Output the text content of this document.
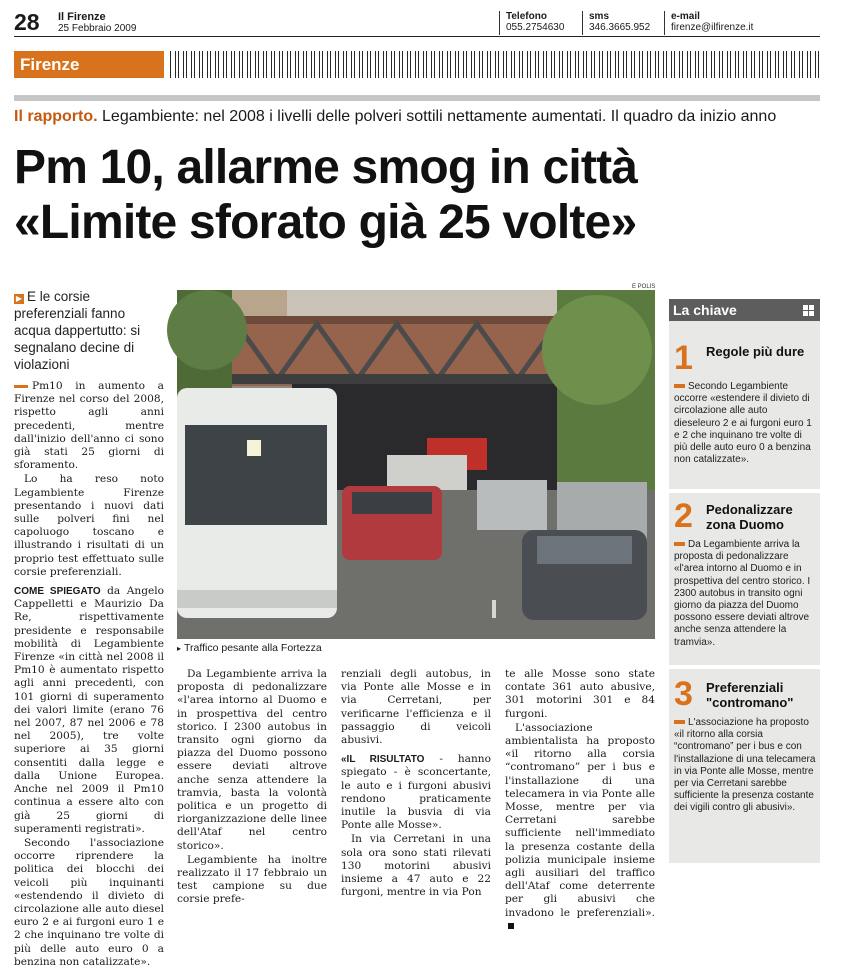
28 Il Firenze
25 Febbraio 2009
Telefono
055.2754630
sms
346.3665.952
e-mail
firenze@ilfirenze.it
Firenze
Il rapporto. Legambiente: nel 2008 i livelli delle polveri sottili nettamente aumentati. Il quadro da inizio anno
Pm 10, allarme smog in città
«Limite sforato già 25 volte»
▶ E le corsie preferenziali fanno acqua dappertutto: si segnalano decine di violazioni

Pm10 in aumento a Firenze nel corso del 2008, rispetto agli anni precedenti, mentre dall'inizio dell'anno ci sono già stati 25 giorni di sforamento.

Lo ha reso noto Legambiente Firenze presentando i nuovi dati sulle polveri fini nel capoluogo toscano e illustrando i risultati di un proprio test effettuato sulle corsie preferenziali.

COME SPIEGATO da Angelo Cappelletti e Maurizio Da Re, rispettivamente presidente e responsabile mobilità di Legambiente Firenze «in città nel 2008 il Pm10 è aumentato rispetto agli anni precedenti, con 101 giorni di superamento dei valori limite (erano 76 nel 2007, 87 nel 2006 e 78 nel 2005), tre volte superiore ai 35 giorni consentiti dalla legge e dalla Unione Europea. Anche nel 2009 il Pm10 continua a essere alto con già 25 giorni di superamenti registrati».

Secondo l'associazione occorre riprendere la politica dei blocchi dei veicoli più inquinanti «estendendo il divieto di circolazione alle auto diesel euro 2 e ai furgoni euro 1 e 2 che inquinano tre volte di più delle auto euro 0 a benzina non catalizzate».

E POLIS
▸ Traffico pesante alla Fortezza

Da Legambiente arriva la proposta di pedonalizzare «l'area intorno al Duomo e in prospettiva del centro storico. I 2300 autobus in transito ogni giorno da piazza del Duomo possono essere deviati altrove anche senza attendere la tramvia, basta la volontà politica e un progetto di riorganizzazione delle linee dell'Ataf nel centro storico».

Legambiente ha inoltre realizzato il 17 febbraio un test campione su due corsie prefe-

renziali degli autobus, in via Ponte alle Mosse e in via Cerretani, per verificarne l'efficienza e il passaggio di veicoli abusivi.

«IL RISULTATO - hanno spiegato - è sconcertante, le auto e i furgoni abusivi rendono praticamente inutile la busvia di via Ponte alle Mosse».

In via Cerretani in una sola ora sono stati rilevati 130 motorini abusivi insieme a 47 auto e 22 furgoni, mentre in via Pon

te alle Mosse sono state contate 361 auto abusive, 301 motorini 301 e 84 furgoni.

L'associazione ambientalista ha proposto «il ritorno alla corsia “contromano” per i bus e l'installazione di una telecamera in via Ponte alle Mosse, mentre per via Cerretani sarebbe sufficiente nell'immediato la presenza costante della polizia municipale insieme agli ausiliari del traffico dell'Ataf come deterrente per gli abusivi che invadono le preferenziali».

La chiave
1 Regole più dure
Secondo Legambiente occorre «estendere il divieto di circolazione alle auto dieseleuro 2 e ai furgoni euro 1 e 2 che inquinano tre volte di più delle auto euro 0 a benzina non catalizzate».
2 Pedonalizzare zona Duomo
Da Legambiente arriva la proposta di pedonalizzare «l'area intorno al Duomo e in prospettiva del centro storico. I 2300 autobus in transito ogni giorno da piazza del Duomo possono essere deviati altrove anche senza attendere la tramvia».
3 Preferenziali "contromano"
L'associazione ha proposto «il ritorno alla corsia “contromano” per i bus e con l'installazione di una telecamera in via Ponte alle Mosse, mentre per via Cerretani sarebbe sufficiente la presenza costante dei vigili contro gli abusivi».
